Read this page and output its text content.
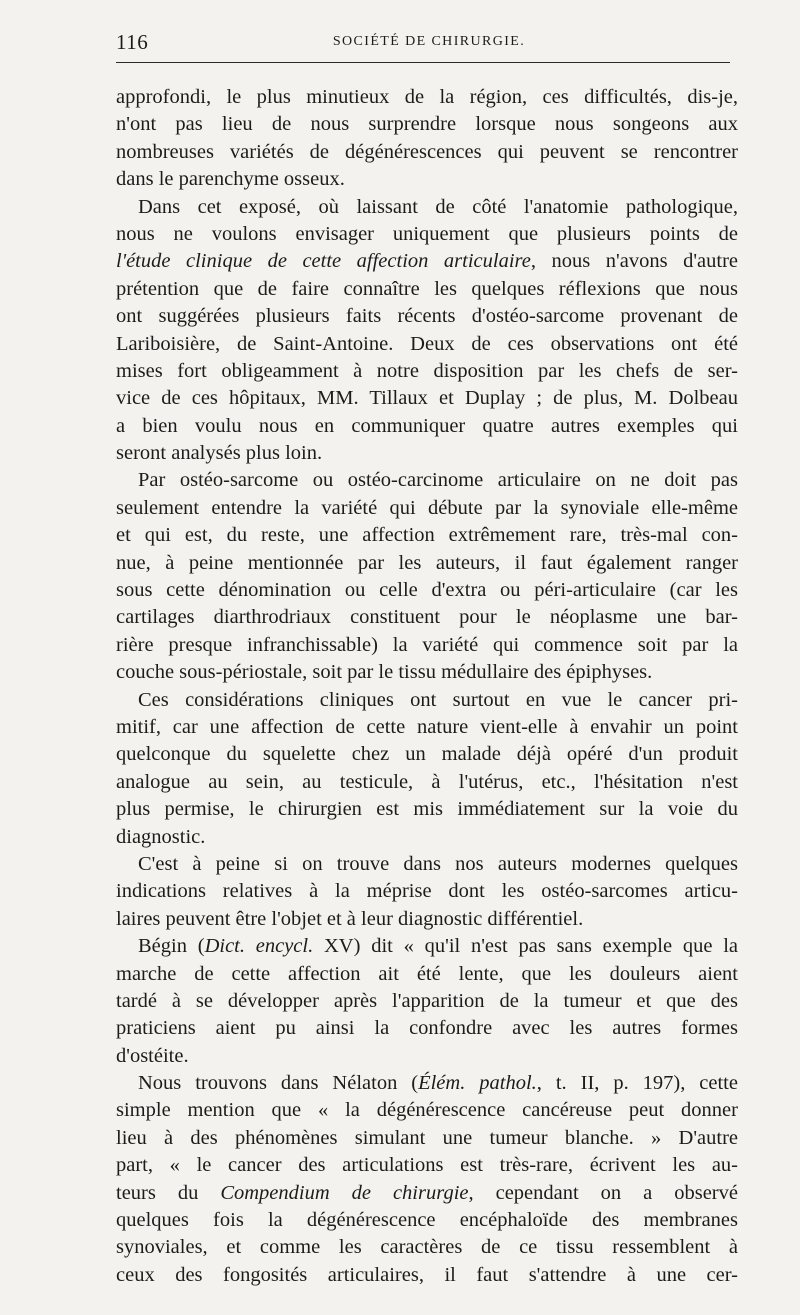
116	SOCIÉTÉ DE CHIRURGIE.

approfondi, le plus minutieux de la région, ces difficultés, dis-je,
n'ont pas lieu de nous surprendre lorsque nous songeons aux
nombreuses variétés de dégénérescences qui peuvent se rencontrer
dans le parenchyme osseux.

Dans cet exposé, où laissant de côté l'anatomie pathologique,
nous ne voulons envisager uniquement que plusieurs points de
l'étude clinique de cette affection articulaire, nous n'avons d'autre
prétention que de faire connaître les quelques réflexions que nous
ont suggérées plusieurs faits récents d'ostéo-sarcome provenant de
Lariboisière, de Saint-Antoine. Deux de ces observations ont été
mises fort obligeamment à notre disposition par les chefs de ser-
vice de ces hôpitaux, MM. Tillaux et Duplay ; de plus, M. Dolbeau
a bien voulu nous en communiquer quatre autres exemples qui
seront analysés plus loin.

Par ostéo-sarcome ou ostéo-carcinome articulaire on ne doit pas
seulement entendre la variété qui débute par la synoviale elle-même
et qui est, du reste, une affection extrêmement rare, très-mal con-
nue, à peine mentionnée par les auteurs, il faut également ranger
sous cette dénomination ou celle d'extra ou péri-articulaire (car les
cartilages diarthrodriaux constituent pour le néoplasme une bar-
rière presque infranchissable) la variété qui commence soit par la
couche sous-périostale, soit par le tissu médullaire des épiphyses.

Ces considérations cliniques ont surtout en vue le cancer pri-
mitif, car une affection de cette nature vient-elle à envahir un point
quelconque du squelette chez un malade déjà opéré d'un produit
analogue au sein, au testicule, à l'utérus, etc., l'hésitation n'est
plus permise, le chirurgien est mis immédiatement sur la voie du
diagnostic.

C'est à peine si on trouve dans nos auteurs modernes quelques
indications relatives à la méprise dont les ostéo-sarcomes articu-
laires peuvent être l'objet et à leur diagnostic différentiel.

Bégin (Dict. encycl. XV) dit « qu'il n'est pas sans exemple que la
marche de cette affection ait été lente, que les douleurs aient
tardé à se développer après l'apparition de la tumeur et que des
praticiens aient pu ainsi la confondre avec les autres formes
d'ostéite.

Nous trouvons dans Nélaton (Élém. pathol., t. II, p. 197), cette
simple mention que « la dégénérescence cancéreuse peut donner
lieu à des phénomènes simulant une tumeur blanche. » D'autre
part, « le cancer des articulations est très-rare, écrivent les au-
teurs du Compendium de chirurgie, cependant on a observé
quelques fois la dégénérescence encéphaloïde des membranes
synoviales, et comme les caractères de ce tissu ressemblent à
ceux des fongosités articulaires, il faut s'attendre à une cer-
